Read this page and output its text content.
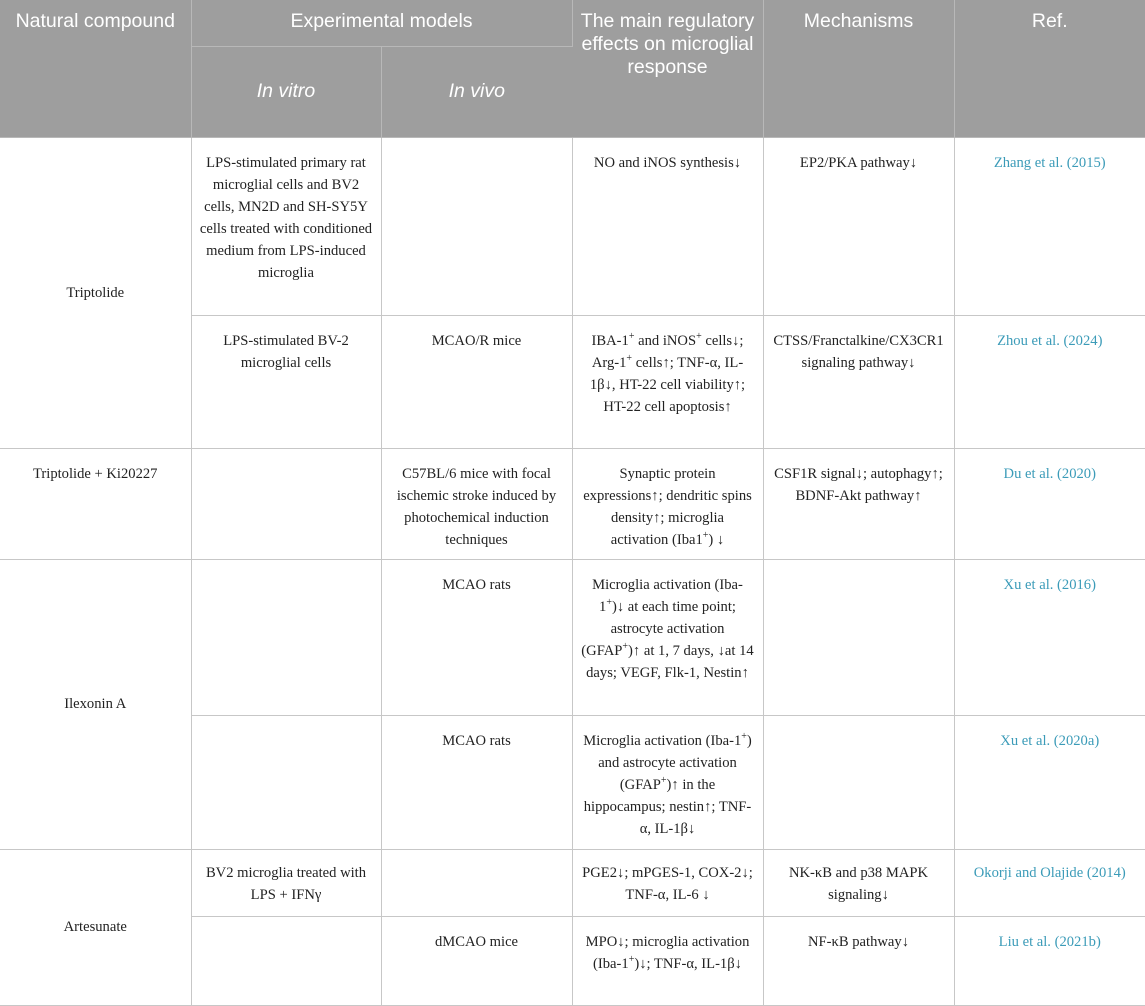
Natural compound	Experimental models		The main regulatory effects on microglial response	Mechanisms	Ref.
	In vitro	In vivo			
Triptolide	LPS-stimulated primary rat microglial cells and BV2 cells, MN2D and SH-SY5Y cells treated with conditioned medium from LPS-induced microglia		NO and iNOS synthesis↓	EP2/PKA pathway↓	Zhang et al. (2015)
	LPS-stimulated BV-2 microglial cells	MCAO/R mice	IBA-1+ and iNOS+ cells↓; Arg-1+ cells↑; TNF-α, IL-1β↓, HT-22 cell viability↑; HT-22 cell apoptosis↑	CTSS/Franctalkine/CX3CR1 signaling pathway↓	Zhou et al. (2024)
Triptolide + Ki20227		C57BL/6 mice with focal ischemic stroke induced by photochemical induction techniques	Synaptic protein expressions↑; dendritic spins density↑; microglia activation (Iba1+) ↓	CSF1R signal↓; autophagy↑; BDNF-Akt pathway↑	Du et al. (2020)
Ilexonin A		MCAO rats	Microglia activation (Iba-1+)↓ at each time point; astrocyte activation (GFAP+)↑ at 1, 7 days, ↓at 14 days; VEGF, Flk-1, Nestin↑		Xu et al. (2016)
		MCAO rats	Microglia activation (Iba-1+) and astrocyte activation (GFAP+)↑ in the hippocampus; nestin↑; TNF-α, IL-1β↓		Xu et al. (2020a)
Artesunate	BV2 microglia treated with LPS + IFNγ		PGE2↓; mPGES-1, COX-2↓; TNF-α, IL-6 ↓	NK-κB and p38 MAPK signaling↓	Okorji and Olajide (2014)
		dMCAO mice	MPO↓; microglia activation (Iba-1+)↓; TNF-α, IL-1β↓	NF-κB pathway↓	Liu et al. (2021b)
